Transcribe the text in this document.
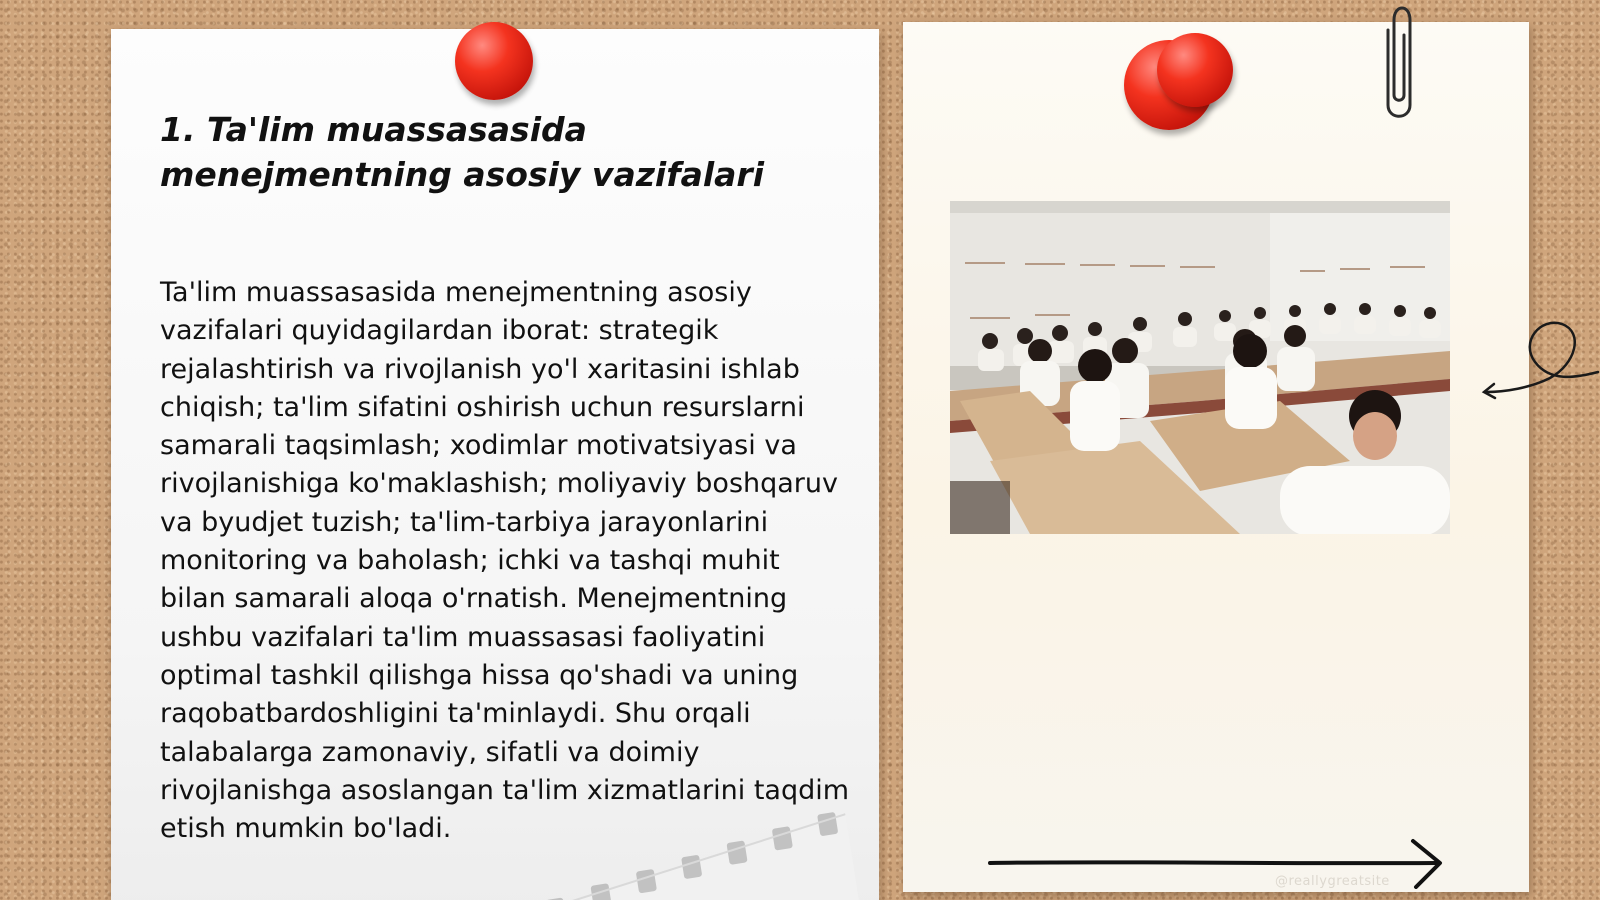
1. Ta'lim muassasasida menejmentning asosiy vazifalari

Ta'lim muassasasida menejmentning asosiy vazifalari quyidagilardan iborat: strategik rejalashtirish va rivojlanish yo'l xaritasini ishlab chiqish; ta'lim sifatini oshirish uchun resurslarni samarali taqsimlash; xodimlar motivatsiyasi va rivojlanishiga ko'maklashish; moliyaviy boshqaruv va byudjet tuzish; ta'lim-tarbiya jarayonlarini monitoring va baholash; ichki va tashqi muhit bilan samarali aloqa o'rnatish. Menejmentning ushbu vazifalari ta'lim muassasasi faoliyatini optimal tashkil qilishga hissa qo'shadi va uning raqobatbardoshligini ta'minlaydi. Shu orqali talabalarga zamonaviy, sifatli va doimiy rivojlanishga asoslangan ta'lim xizmatlarini taqdim etish mumkin bo'ladi.

@reallygreatsite
